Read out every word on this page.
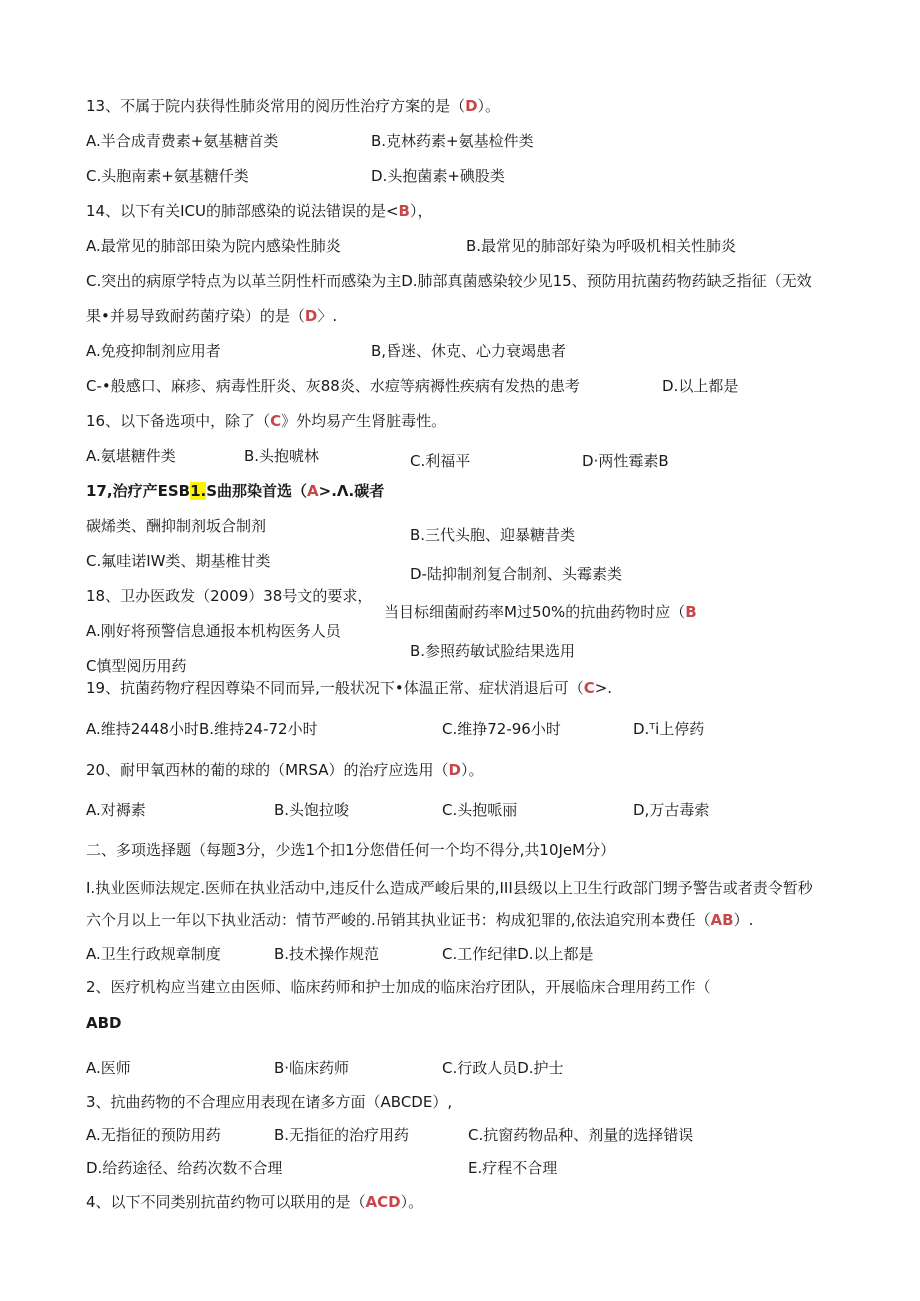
13、不属于院内获得性肺炎常用的阅历性治疗方案的是（D）。
A.半合成青费素+氨基糖首类	B.克林药素+氨基检件类
C.头胞南素+氨基糖仟类	D.头抱菌素+碘股类
14、以下有关ICU的肺部感染的说法错误的是<B），
A.最常见的肺部田染为院内感染性肺炎	B.最常见的肺部好染为呼吸机相关性肺炎
C.突出的病原学特点为以革兰阴性杆而感染为主D.肺部真菌感染较少见15、预防用抗菌药物药缺乏指征（无效
果•并易导致耐药菌疗染）的是（D〉.
A.免疫抑制剂应用者	B,昏迷、休克、心力衰竭患者
C-•般感口、麻疹、病毒性肝炎、灰88炎、水痘等病褥性疾病有发热的患考	D.以上都是
16、以下备选项中，除了（C》外均易产生肾脏毒性。
A.氨堪糖件类	B.头抱唬林	C.利福平	D·两性霉素B
17,治疗产ESB1.S曲那染首选（A>.Λ.碳者
碳烯类、酬抑制剂坂合制剂	B.三代头胞、迎暴糖昔类
C.氟哇诺IW类、期基椎甘类
D-陆抑制剂复合制剂、头霉素类
18、卫办医政发（2009）38号文的要求，
当目标细菌耐药率M过50%的抗曲药物时应（B
A.刚好将预警信息通报本机构医务人员
B.参照药敏试脸结果选用
C慎型阅历用药
19、抗菌药物疗程因尊染不同而异,一般状况下•体温正常、症状消退后可（C>.
A.维持2448小时B.维持24-72小时	C.维挣72-96小时	D.ᵀi上停药
20、耐甲氧西林的葡的球的（MRSA）的治疗应选用（D）。
A.对褥素	B.头饱拉唆	C.头抱哌丽	D,万古毒索
二、多项选择题（每题3分，少选1个扣1分您借任何一个均不得分,共10JeM分）
I.执业医师法规定.医师在执业活动中,违反什么造成严峻后果的,III县级以上卫生行政部门甥予警告或者责令暂秒
六个月以上一年以下执业活动：情节严峻的.吊销其执业证书：构成犯罪的,依法追究刑本费任（AB）.
A.卫生行政规章制度	B.技术操作规范	C.工作纪律D.以上都是
2、医疗机构应当建立由医师、临床药师和护士加成的临床治疗团队，开展临床合理用药工作（
ABD
A.医师	B·临床药师	C.行政人员D.护士
3、抗曲药物的不合理应用表现在诸多方面（ABCDE）,
A.无指征的预防用药	B.无指征的治疗用药	C.抗窗药物品种、剂量的选择错误
D.给药途径、给药次数不合理	E.疗程不合理
4、以下不同类别抗苗约物可以联用的是（ACD）。
